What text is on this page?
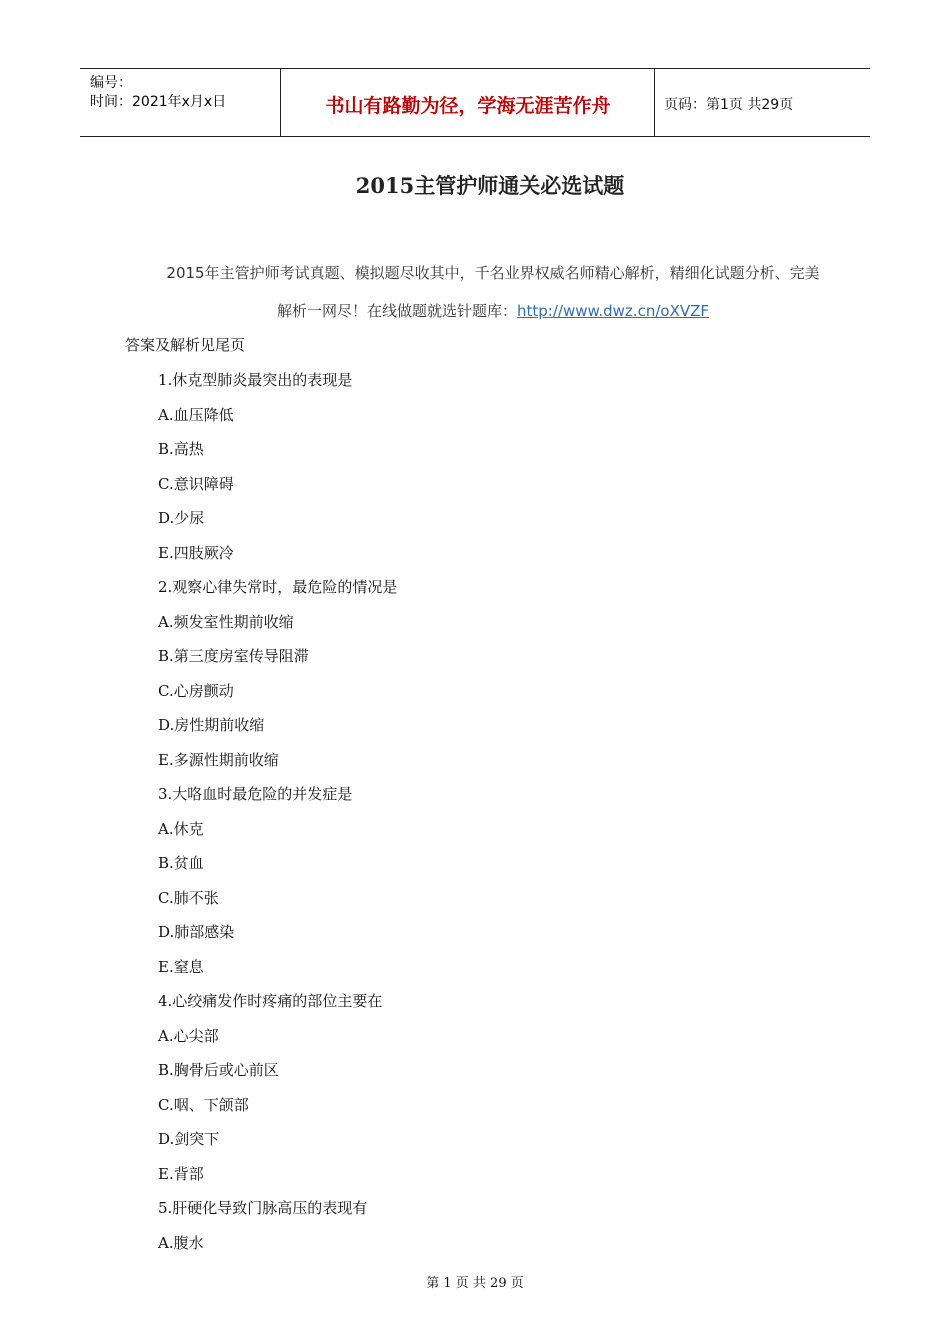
编号：
时间：2021年x月x日	书山有路勤为径，学海无涯苦作舟	页码：第1页 共29页
2015主管护师通关必选试题
2015年主管护师考试真题、模拟题尽收其中，千名业界权威名师精心解析，精细化试题分析、完美
解析一网尽！在线做题就选针题库：http://www.dwz.cn/oXVZF
答案及解析见尾页
1.休克型肺炎最突出的表现是
A.血压降低
B.高热
C.意识障碍
D.少尿
E.四肢厥冷
2.观察心律失常时，最危险的情况是
A.频发室性期前收缩
B.第三度房室传导阻滞
C.心房颤动
D.房性期前收缩
E.多源性期前收缩
3.大咯血时最危险的并发症是
A.休克
B.贫血
C.肺不张
D.肺部感染
E.窒息
4.心绞痛发作时疼痛的部位主要在
A.心尖部
B.胸骨后或心前区
C.咽、下颌部
D.剑突下
E.背部
5.肝硬化导致门脉高压的表现有
A.腹水
第 1 页 共 29 页
